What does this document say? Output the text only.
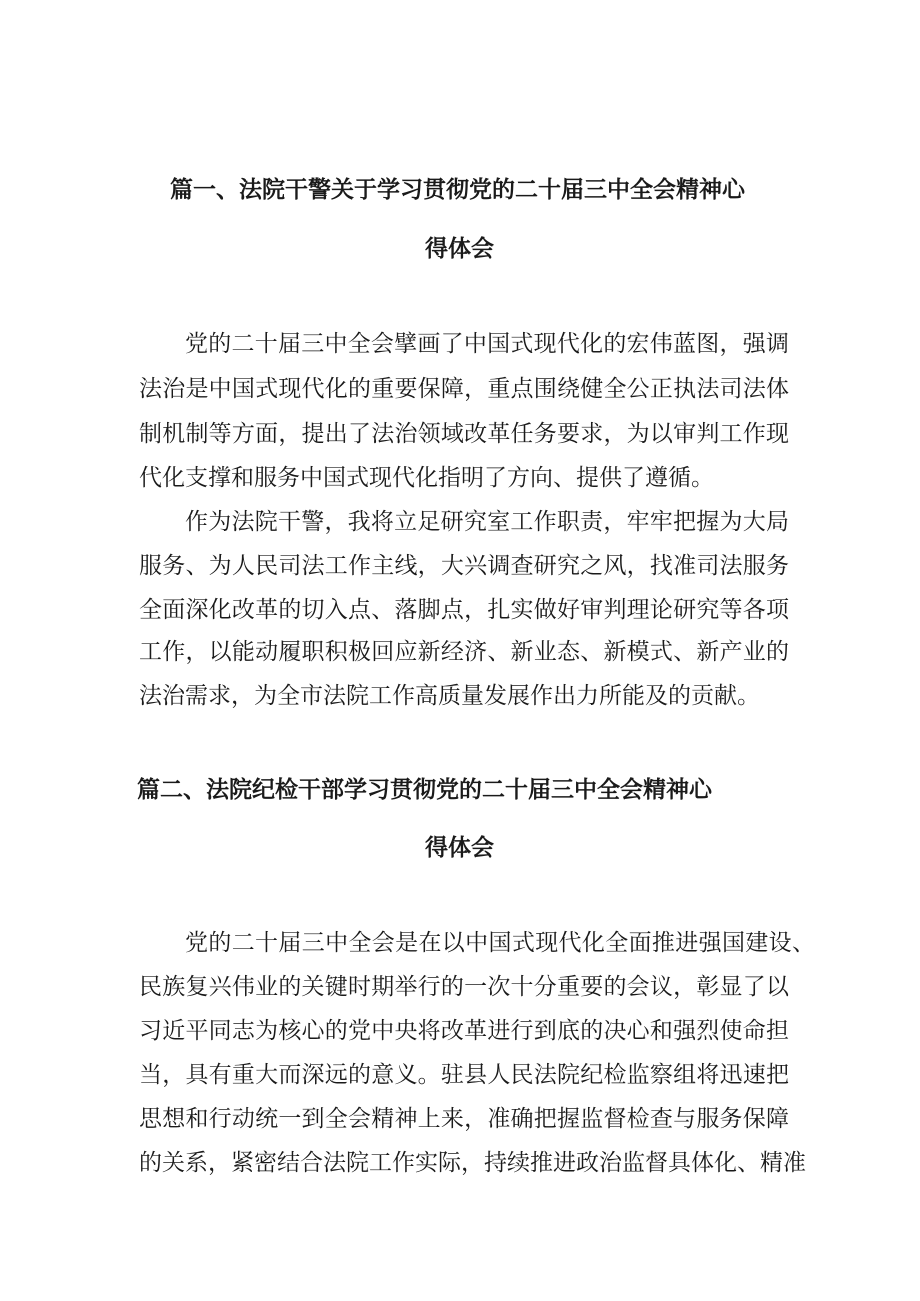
篇一、法院干警关于学习贯彻党的二十届三中全会精神心
得体会
党的二十届三中全会擘画了中国式现代化的宏伟蓝图，强调
法治是中国式现代化的重要保障，重点围绕健全公正执法司法体
制机制等方面，提出了法治领域改革任务要求，为以审判工作现
代化支撑和服务中国式现代化指明了方向、提供了遵循。
作为法院干警，我将立足研究室工作职责，牢牢把握为大局
服务、为人民司法工作主线，大兴调查研究之风，找准司法服务
全面深化改革的切入点、落脚点，扎实做好审判理论研究等各项
工作，以能动履职积极回应新经济、新业态、新模式、新产业的
法治需求，为全市法院工作高质量发展作出力所能及的贡献。
篇二、法院纪检干部学习贯彻党的二十届三中全会精神心
得体会
党的二十届三中全会是在以中国式现代化全面推进强国建设、
民族复兴伟业的关键时期举行的一次十分重要的会议，彰显了以
习近平同志为核心的党中央将改革进行到底的决心和强烈使命担
当，具有重大而深远的意义。驻县人民法院纪检监察组将迅速把
思想和行动统一到全会精神上来，准确把握监督检查与服务保障
的关系，紧密结合法院工作实际，持续推进政治监督具体化、精准
